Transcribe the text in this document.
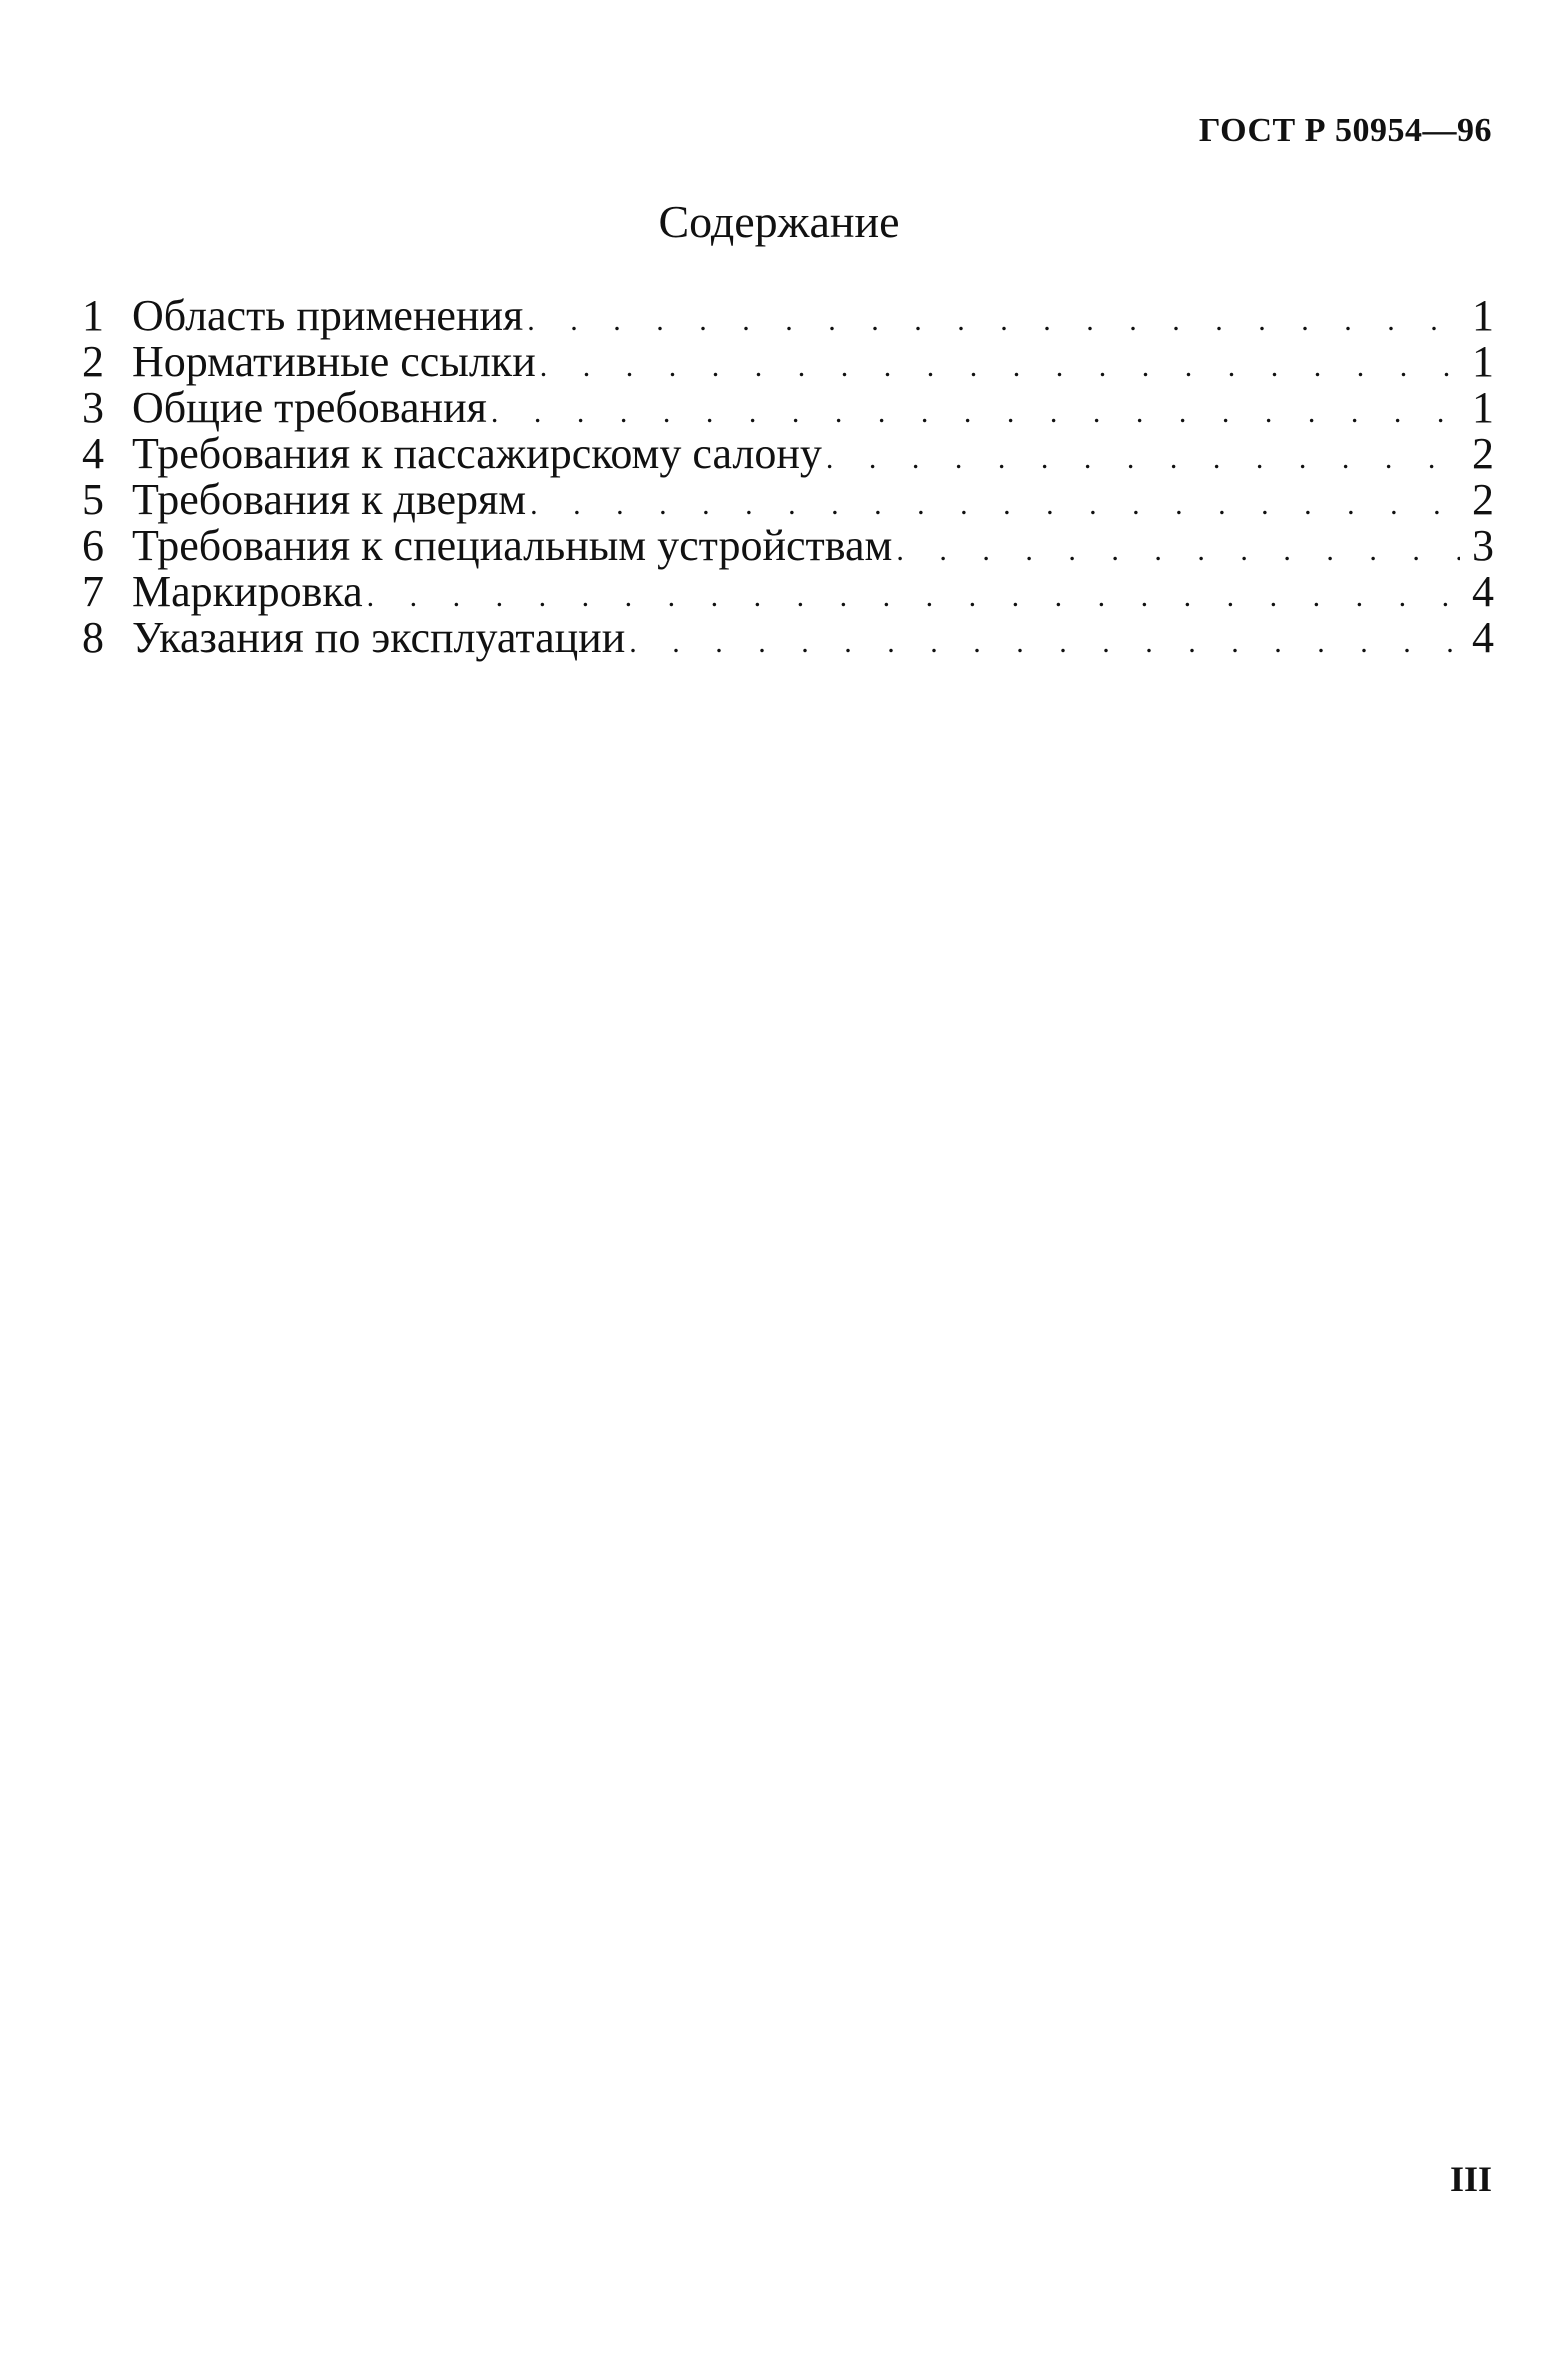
ГОСТ Р 50954—96
Содержание
1 Область применения . . .	1
2 Нормативные ссылки . . .	1
3 Общие требования . . .	1
4 Требования к пассажирскому салону . . .	2
5 Требования к дверям . . .	2
6 Требования к специальным устройствам . . .	3
7 Маркировка . . .	4
8 Указания по эксплуатации . . .	4
III
